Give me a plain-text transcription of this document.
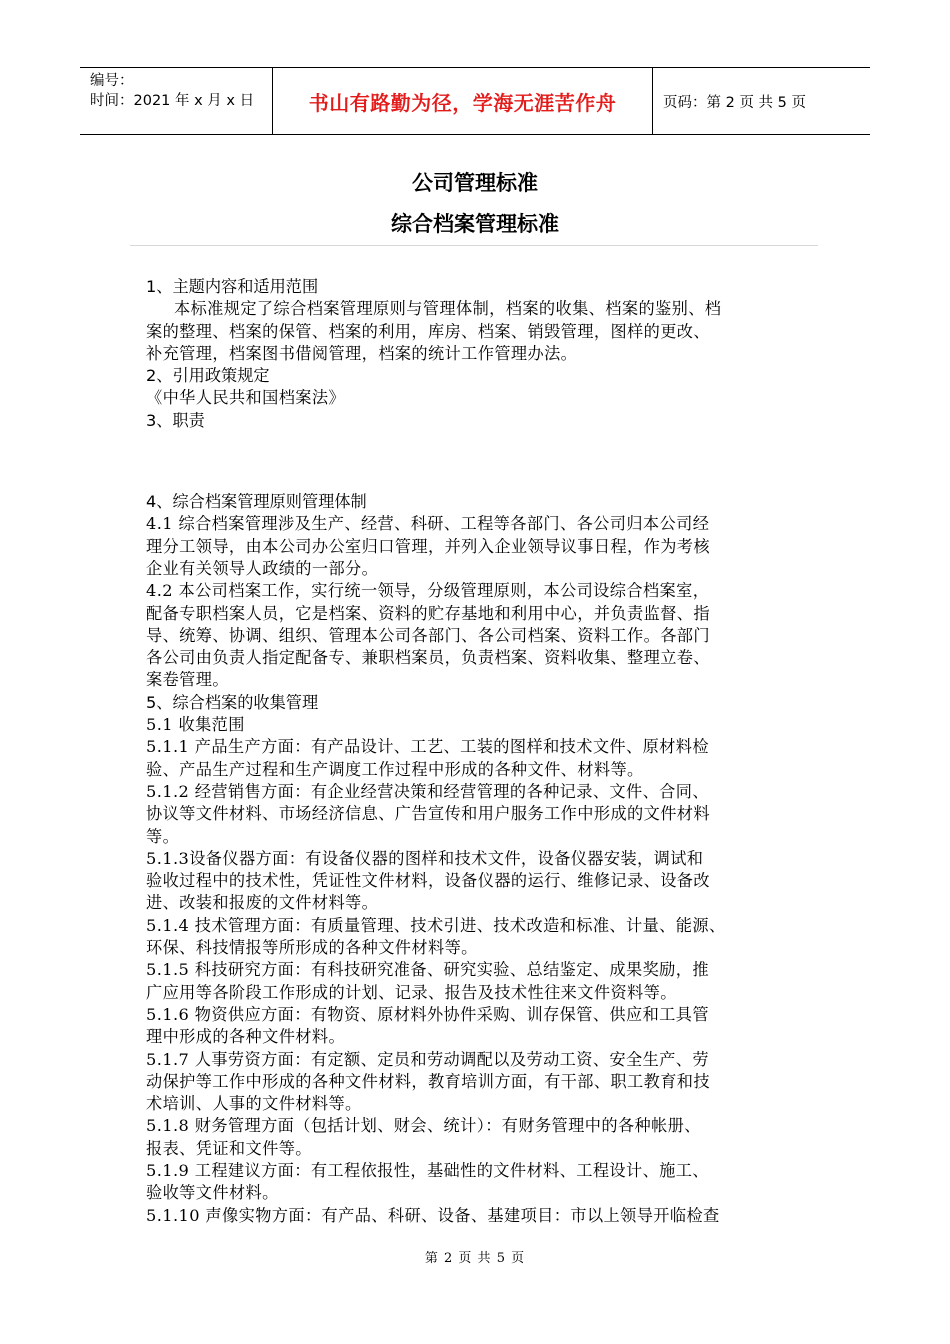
编号：
时间：2021 年 x 月 x 日	书山有路勤为径，学海无涯苦作舟	页码：第 2 页 共 5 页
公司管理标准
综合档案管理标准
1、主题内容和适用范围
本标准规定了综合档案管理原则与管理体制，档案的收集、档案的鉴别、档
案的整理、档案的保管、档案的利用，库房、档案、销毁管理，图样的更改、
补充管理，档案图书借阅管理，档案的统计工作管理办法。
2、引用政策规定
《中华人民共和国档案法》
3、职责
4、综合档案管理原则管理体制
4.1 综合档案管理涉及生产、经营、科研、工程等各部门、各公司归本公司经
理分工领导，由本公司办公室归口管理，并列入企业领导议事日程，作为考核
企业有关领导人政绩的一部分。
4.2 本公司档案工作，实行统一领导，分级管理原则，本公司设综合档案室，
配备专职档案人员，它是档案、资料的贮存基地和利用中心，并负责监督、指
导、统筹、协调、组织、管理本公司各部门、各公司档案、资料工作。各部门
各公司由负责人指定配备专、兼职档案员，负责档案、资料收集、整理立卷、
案卷管理。
5、综合档案的收集管理
5.1 收集范围
5.1.1 产品生产方面：有产品设计、工艺、工装的图样和技术文件、原材料检
验、产品生产过程和生产调度工作过程中形成的各种文件、材料等。
5.1.2 经营销售方面：有企业经营决策和经营管理的各种记录、文件、合同、
协议等文件材料、市场经济信息、广告宣传和用户服务工作中形成的文件材料
等。
5.1.3设备仪器方面：有设备仪器的图样和技术文件，设备仪器安装，调试和
验收过程中的技术性，凭证性文件材料，设备仪器的运行、维修记录、设备改
进、改装和报废的文件材料等。
5.1.4 技术管理方面：有质量管理、技术引进、技术改造和标准、计量、能源、
环保、科技情报等所形成的各种文件材料等。
5.1.5 科技研究方面：有科技研究准备、研究实验、总结鉴定、成果奖励，推
广应用等各阶段工作形成的计划、记录、报告及技术性往来文件资料等。
5.1.6 物资供应方面：有物资、原材料外协件采购、训存保管、供应和工具管
理中形成的各种文件材料。
5.1.7 人事劳资方面：有定额、定员和劳动调配以及劳动工资、安全生产、劳
动保护等工作中形成的各种文件材料，教育培训方面，有干部、职工教育和技
术培训、人事的文件材料等。
5.1.8 财务管理方面（包括计划、财会、统计）：有财务管理中的各种帐册、
报表、凭证和文件等。
5.1.9 工程建议方面：有工程依报性，基础性的文件材料、工程设计、施工、
验收等文件材料。
5.1.10 声像实物方面：有产品、科研、设备、基建项目：市以上领导开临检查
第 2 页 共 5 页
